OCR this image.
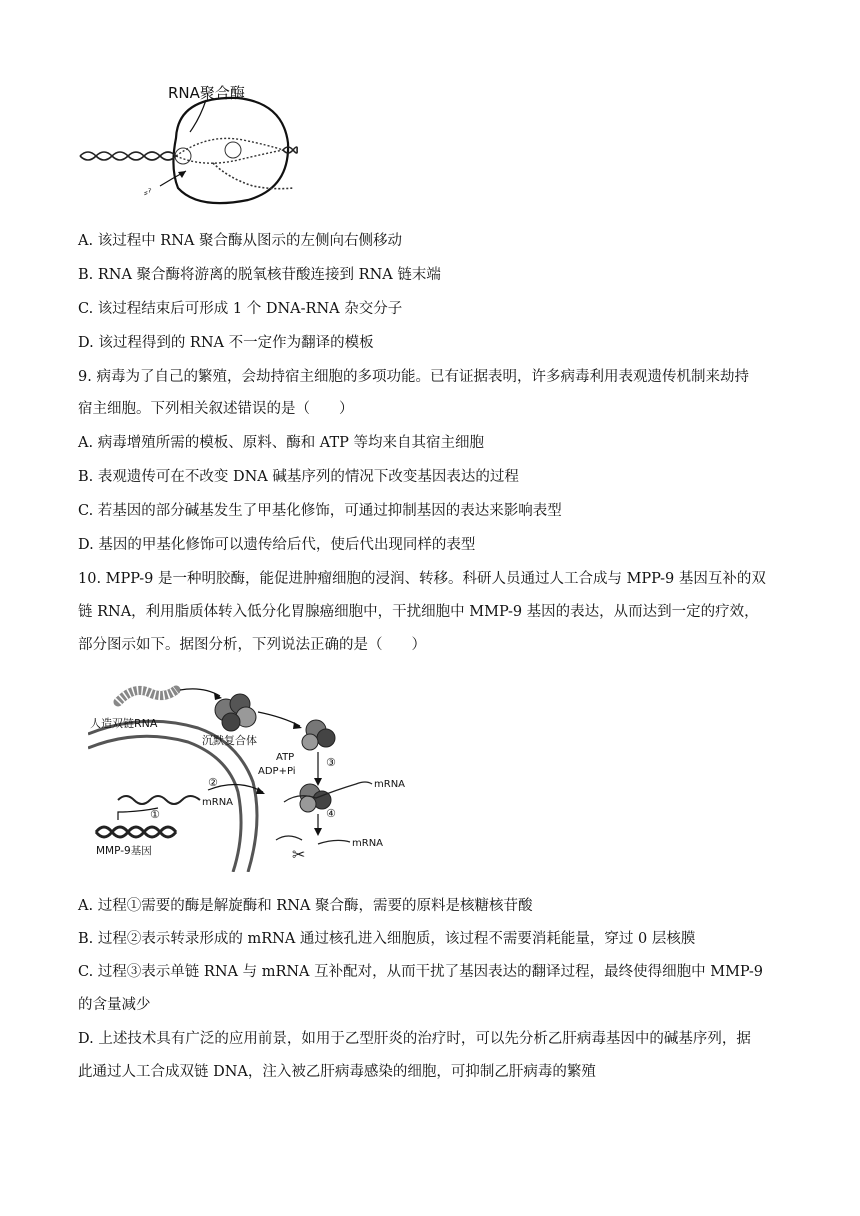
RNA聚合酶
⸗ˀ
A. 该过程中 RNA 聚合酶从图示的左侧向右侧移动
B. RNA 聚合酶将游离的脱氧核苷酸连接到 RNA 链末端
C. 该过程结束后可形成 1 个 DNA-RNA 杂交分子
D. 该过程得到的 RNA 不一定作为翻译的模板
9. 病毒为了自己的繁殖，会劫持宿主细胞的多项功能。已有证据表明，许多病毒利用表观遗传机制来劫持
宿主细胞。下列相关叙述错误的是（　　）
A. 病毒增殖所需的模板、原料、酶和 ATP 等均来自其宿主细胞
B. 表观遗传可在不改变 DNA 碱基序列的情况下改变基因表达的过程
C. 若基因的部分碱基发生了甲基化修饰，可通过抑制基因的表达来影响表型
D. 基因的甲基化修饰可以遗传给后代，使后代出现同样的表型
10. MPP-9 是一种明胶酶，能促进肿瘤细胞的浸润、转移。科研人员通过人工合成与 MPP-9 基因互补的双
链 RNA，利用脂质体转入低分化胃腺癌细胞中，干扰细胞中 MMP-9 基因的表达，从而达到一定的疗效，
部分图示如下。据图分析，下列说法正确的是（　　）
人造双链RNA
沉默复合体
ATP
ADP+Pi
③
mRNA
④
mRNA
✂
MMP-9基因
①
mRNA
②
A. 过程①需要的酶是解旋酶和 RNA 聚合酶，需要的原料是核糖核苷酸
B. 过程②表示转录形成的 mRNA 通过核孔进入细胞质，该过程不需要消耗能量，穿过 0 层核膜
C. 过程③表示单链 RNA 与 mRNA 互补配对，从而干扰了基因表达的翻译过程，最终使得细胞中 MMP-9
的含量减少
D. 上述技术具有广泛的应用前景，如用于乙型肝炎的治疗时，可以先分析乙肝病毒基因中的碱基序列，据
此通过人工合成双链 DNA，注入被乙肝病毒感染的细胞，可抑制乙肝病毒的繁殖
